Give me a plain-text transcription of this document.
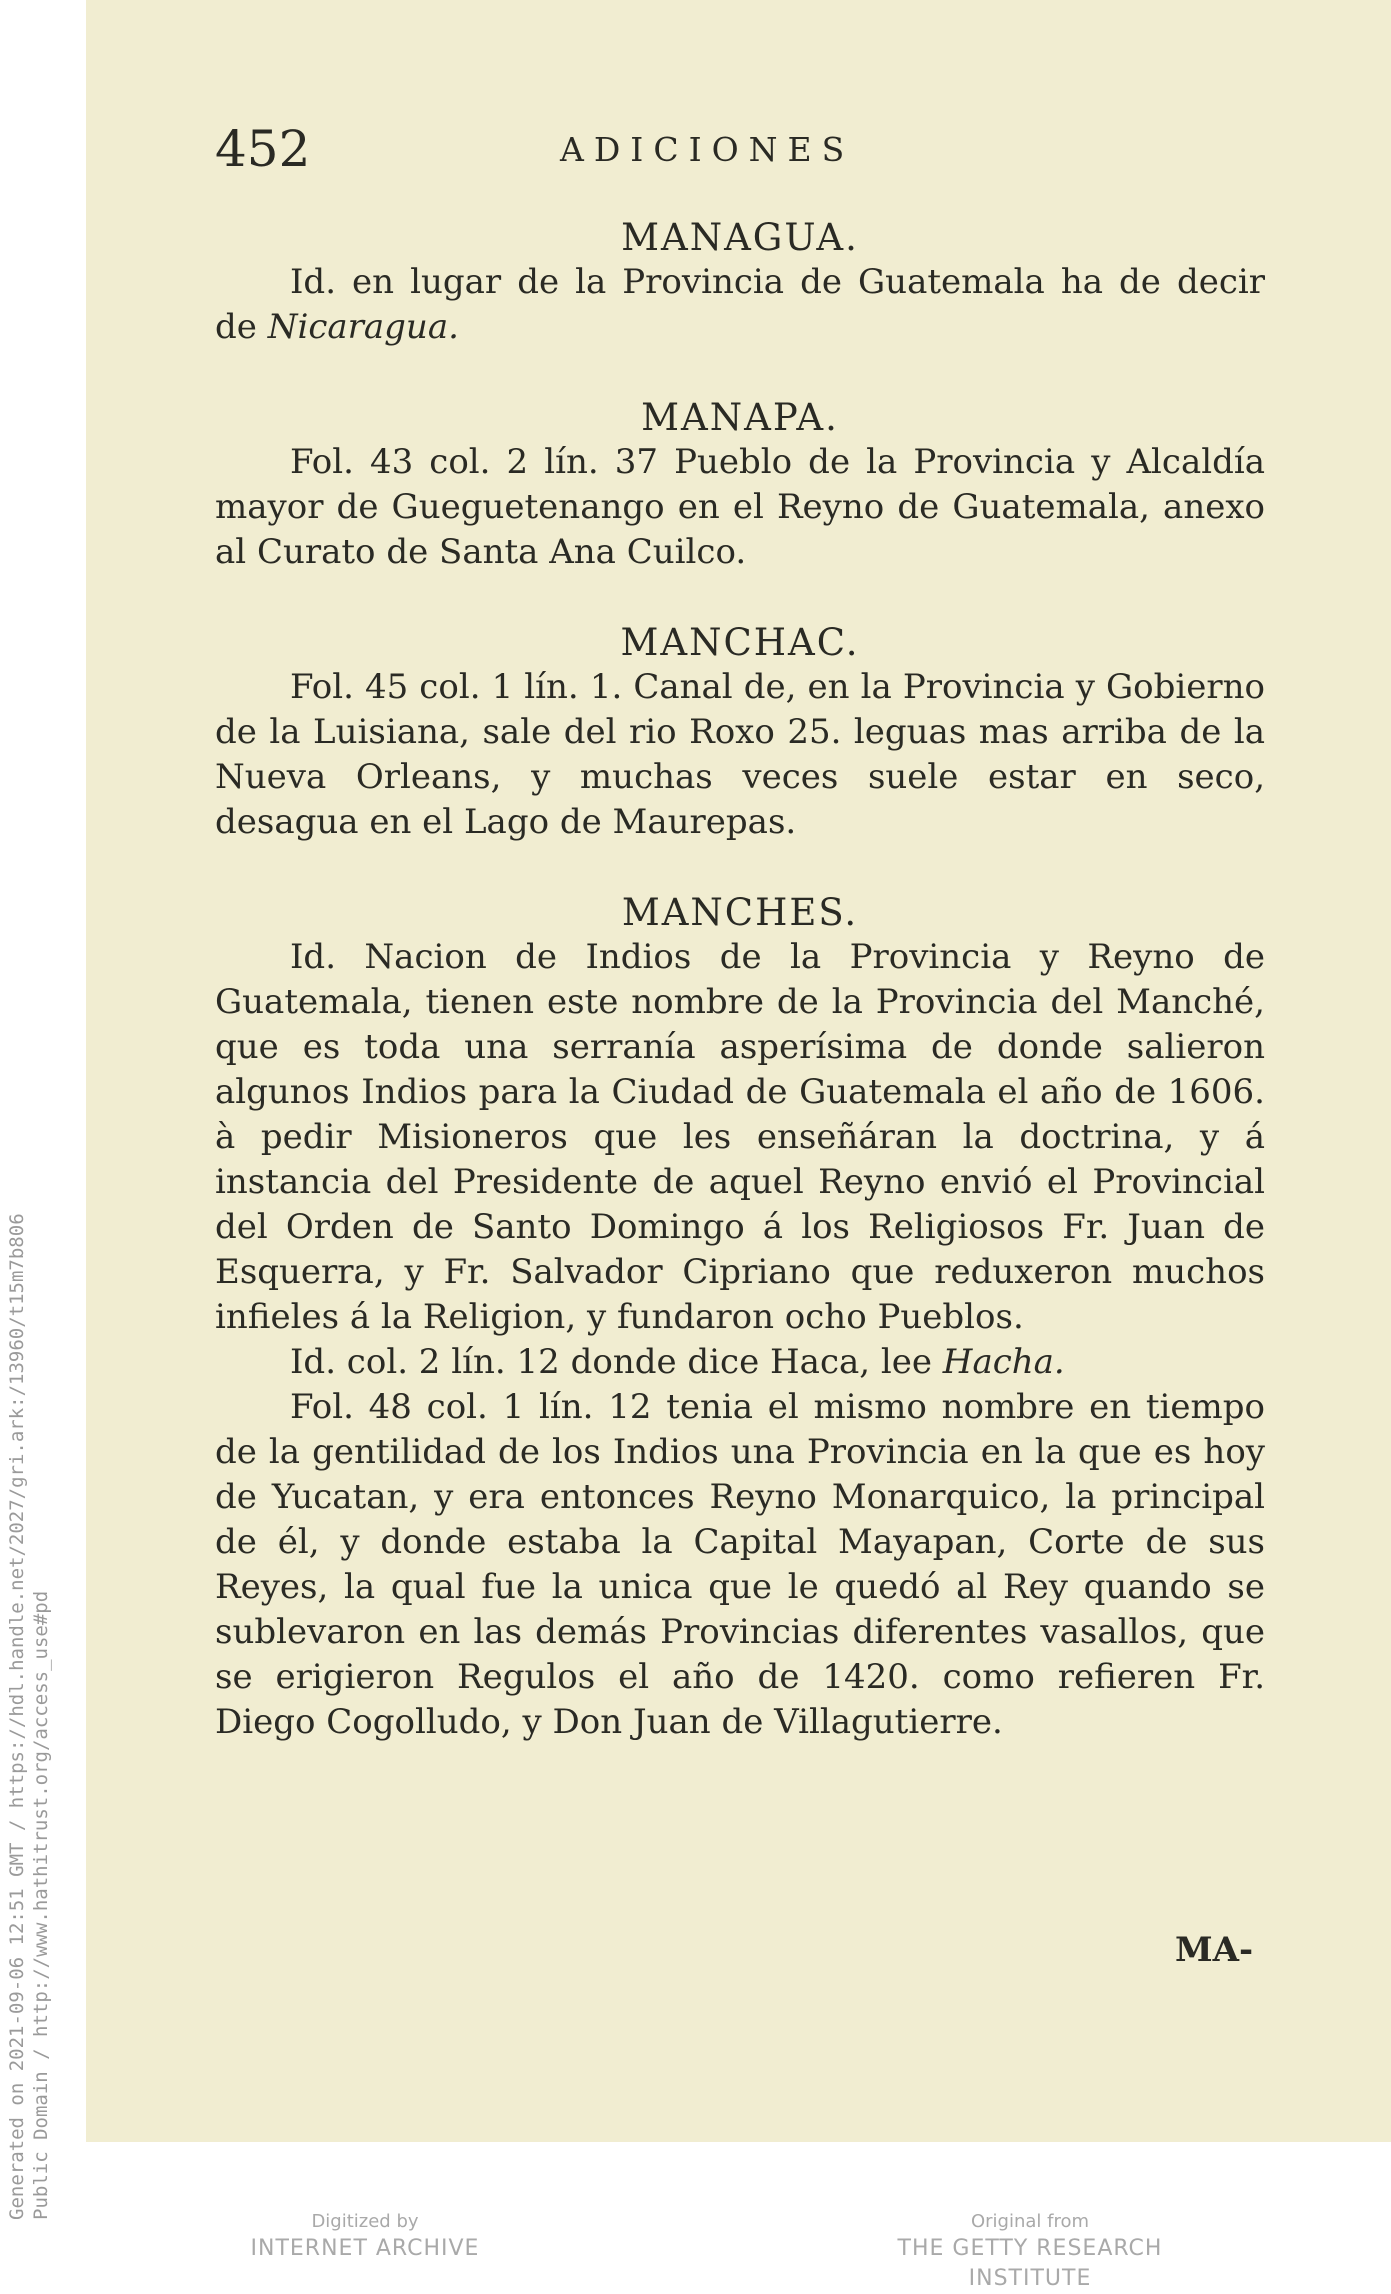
Generated on 2021-09-06 12:51 GMT / https://hdl.handle.net/2027/gri.ark:/13960/t15m7b806 Public Domain / http://www.hathitrust.org/access_use#pd
452	ADICIONES

MANAGUA.

Id. en lugar de la Provincia de Guatemala ha de decir de Nicaragua.

MANAPA.

Fol. 43 col. 2 lín. 37 Pueblo de la Provincia y Alcaldía mayor de Gueguetenango en el Reyno de Guatemala, anexo al Curato de Santa Ana Cuilco.

MANCHAC.

Fol. 45 col. 1 lín. 1. Canal de, en la Provincia y Gobierno de la Luisiana, sale del rio Roxo 25. leguas mas arriba de la Nueva Orleans, y muchas veces suele estar en seco, desagua en el Lago de Maurepas.

MANCHES.

Id. Nacion de Indios de la Provincia y Reyno de Guatemala, tienen este nombre de la Provincia del Manché, que es toda una serranía asperísima de donde salieron algunos Indios para la Ciudad de Guatemala el año de 1606. à pedir Misioneros que les enseñáran la doctrina, y á instancia del Presidente de aquel Reyno envió el Provincial del Orden de Santo Domingo á los Religiosos Fr. Juan de Esquerra, y Fr. Salvador Cipriano que reduxeron muchos infieles á la Religion, y fundaron ocho Pueblos.

Id. col. 2 lín. 12 donde dice Haca, lee Hacha.

Fol. 48 col. 1 lín. 12 tenia el mismo nombre en tiempo de la gentilidad de los Indios una Provincia en la que es hoy de Yucatan, y era entonces Reyno Monarquico, la principal de él, y donde estaba la Capital Mayapan, Corte de sus Reyes, la qual fue la unica que le quedó al Rey quando se sublevaron en las demás Provincias diferentes vasallos, que se erigieron Regulos el año de 1420. como refieren Fr. Diego Cogolludo, y Don Juan de Villagutierre.

MA-
Digitized by
INTERNET ARCHIVE
Original from
THE GETTY RESEARCH INSTITUTE
